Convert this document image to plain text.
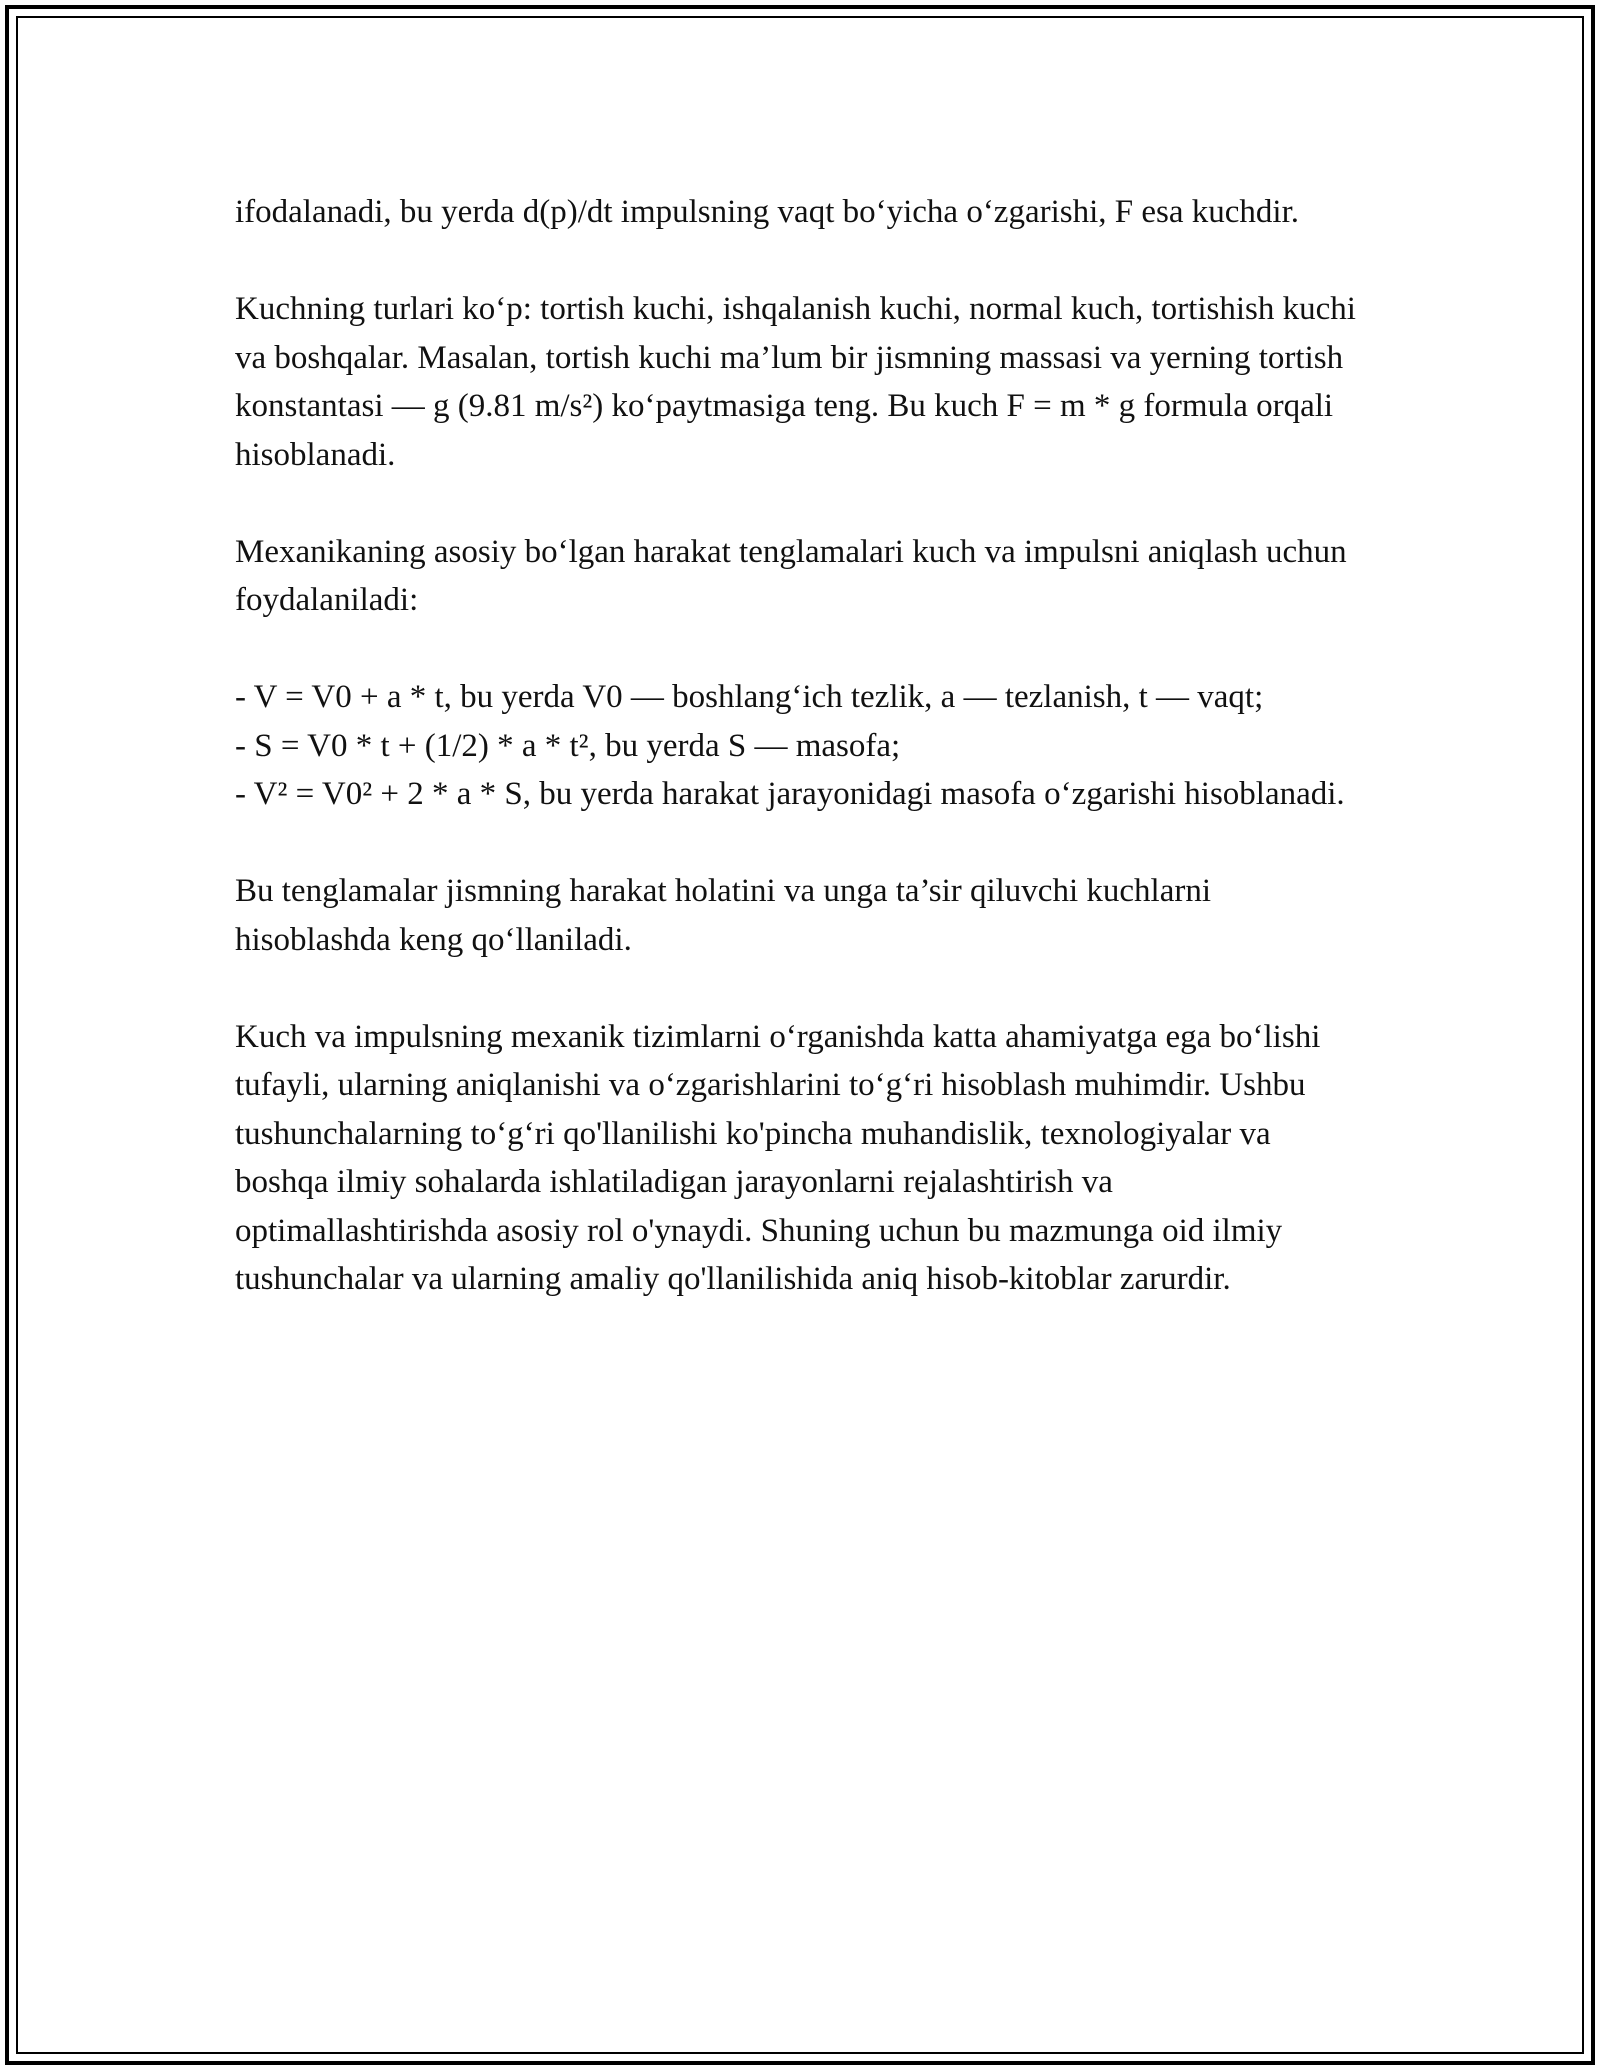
ifodalanadi, bu yerda d(p)/dt impulsning vaqt bo‘yicha o‘zgarishi, F esa kuchdir.

Kuchning turlari ko‘p: tortish kuchi, ishqalanish kuchi, normal kuch, tortishish kuchi va boshqalar. Masalan, tortish kuchi ma’lum bir jismning massasi va yerning tortish konstantasi — g (9.81 m/s²) ko‘paytmasiga teng. Bu kuch F = m * g formula orqali hisoblanadi.

Mexanikaning asosiy bo‘lgan harakat tenglamalari kuch va impulsni aniqlash uchun foydalaniladi:

- V = V0 + a * t, bu yerda V0 — boshlang‘ich tezlik, a — tezlanish, t — vaqt;

- S = V0 * t + (1/2) * a * t², bu yerda S — masofa;

- V² = V0² + 2 * a * S, bu yerda harakat jarayonidagi masofa o‘zgarishi hisoblanadi.

Bu tenglamalar jismning harakat holatini va unga ta’sir qiluvchi kuchlarni hisoblashda keng qo‘llaniladi.

Kuch va impulsning mexanik tizimlarni o‘rganishda katta ahamiyatga ega bo‘lishi tufayli, ularning aniqlanishi va o‘zgarishlarini to‘g‘ri hisoblash muhimdir. Ushbu tushunchalarning to‘g‘ri qo'llanilishi ko'pincha muhandislik, texnologiyalar va boshqa ilmiy sohalarda ishlatiladigan jarayonlarni rejalashtirish va optimallashtirishda asosiy rol o'ynaydi. Shuning uchun bu mazmunga oid ilmiy tushunchalar va ularning amaliy qo'llanilishida aniq hisob-kitoblar zarurdir.
